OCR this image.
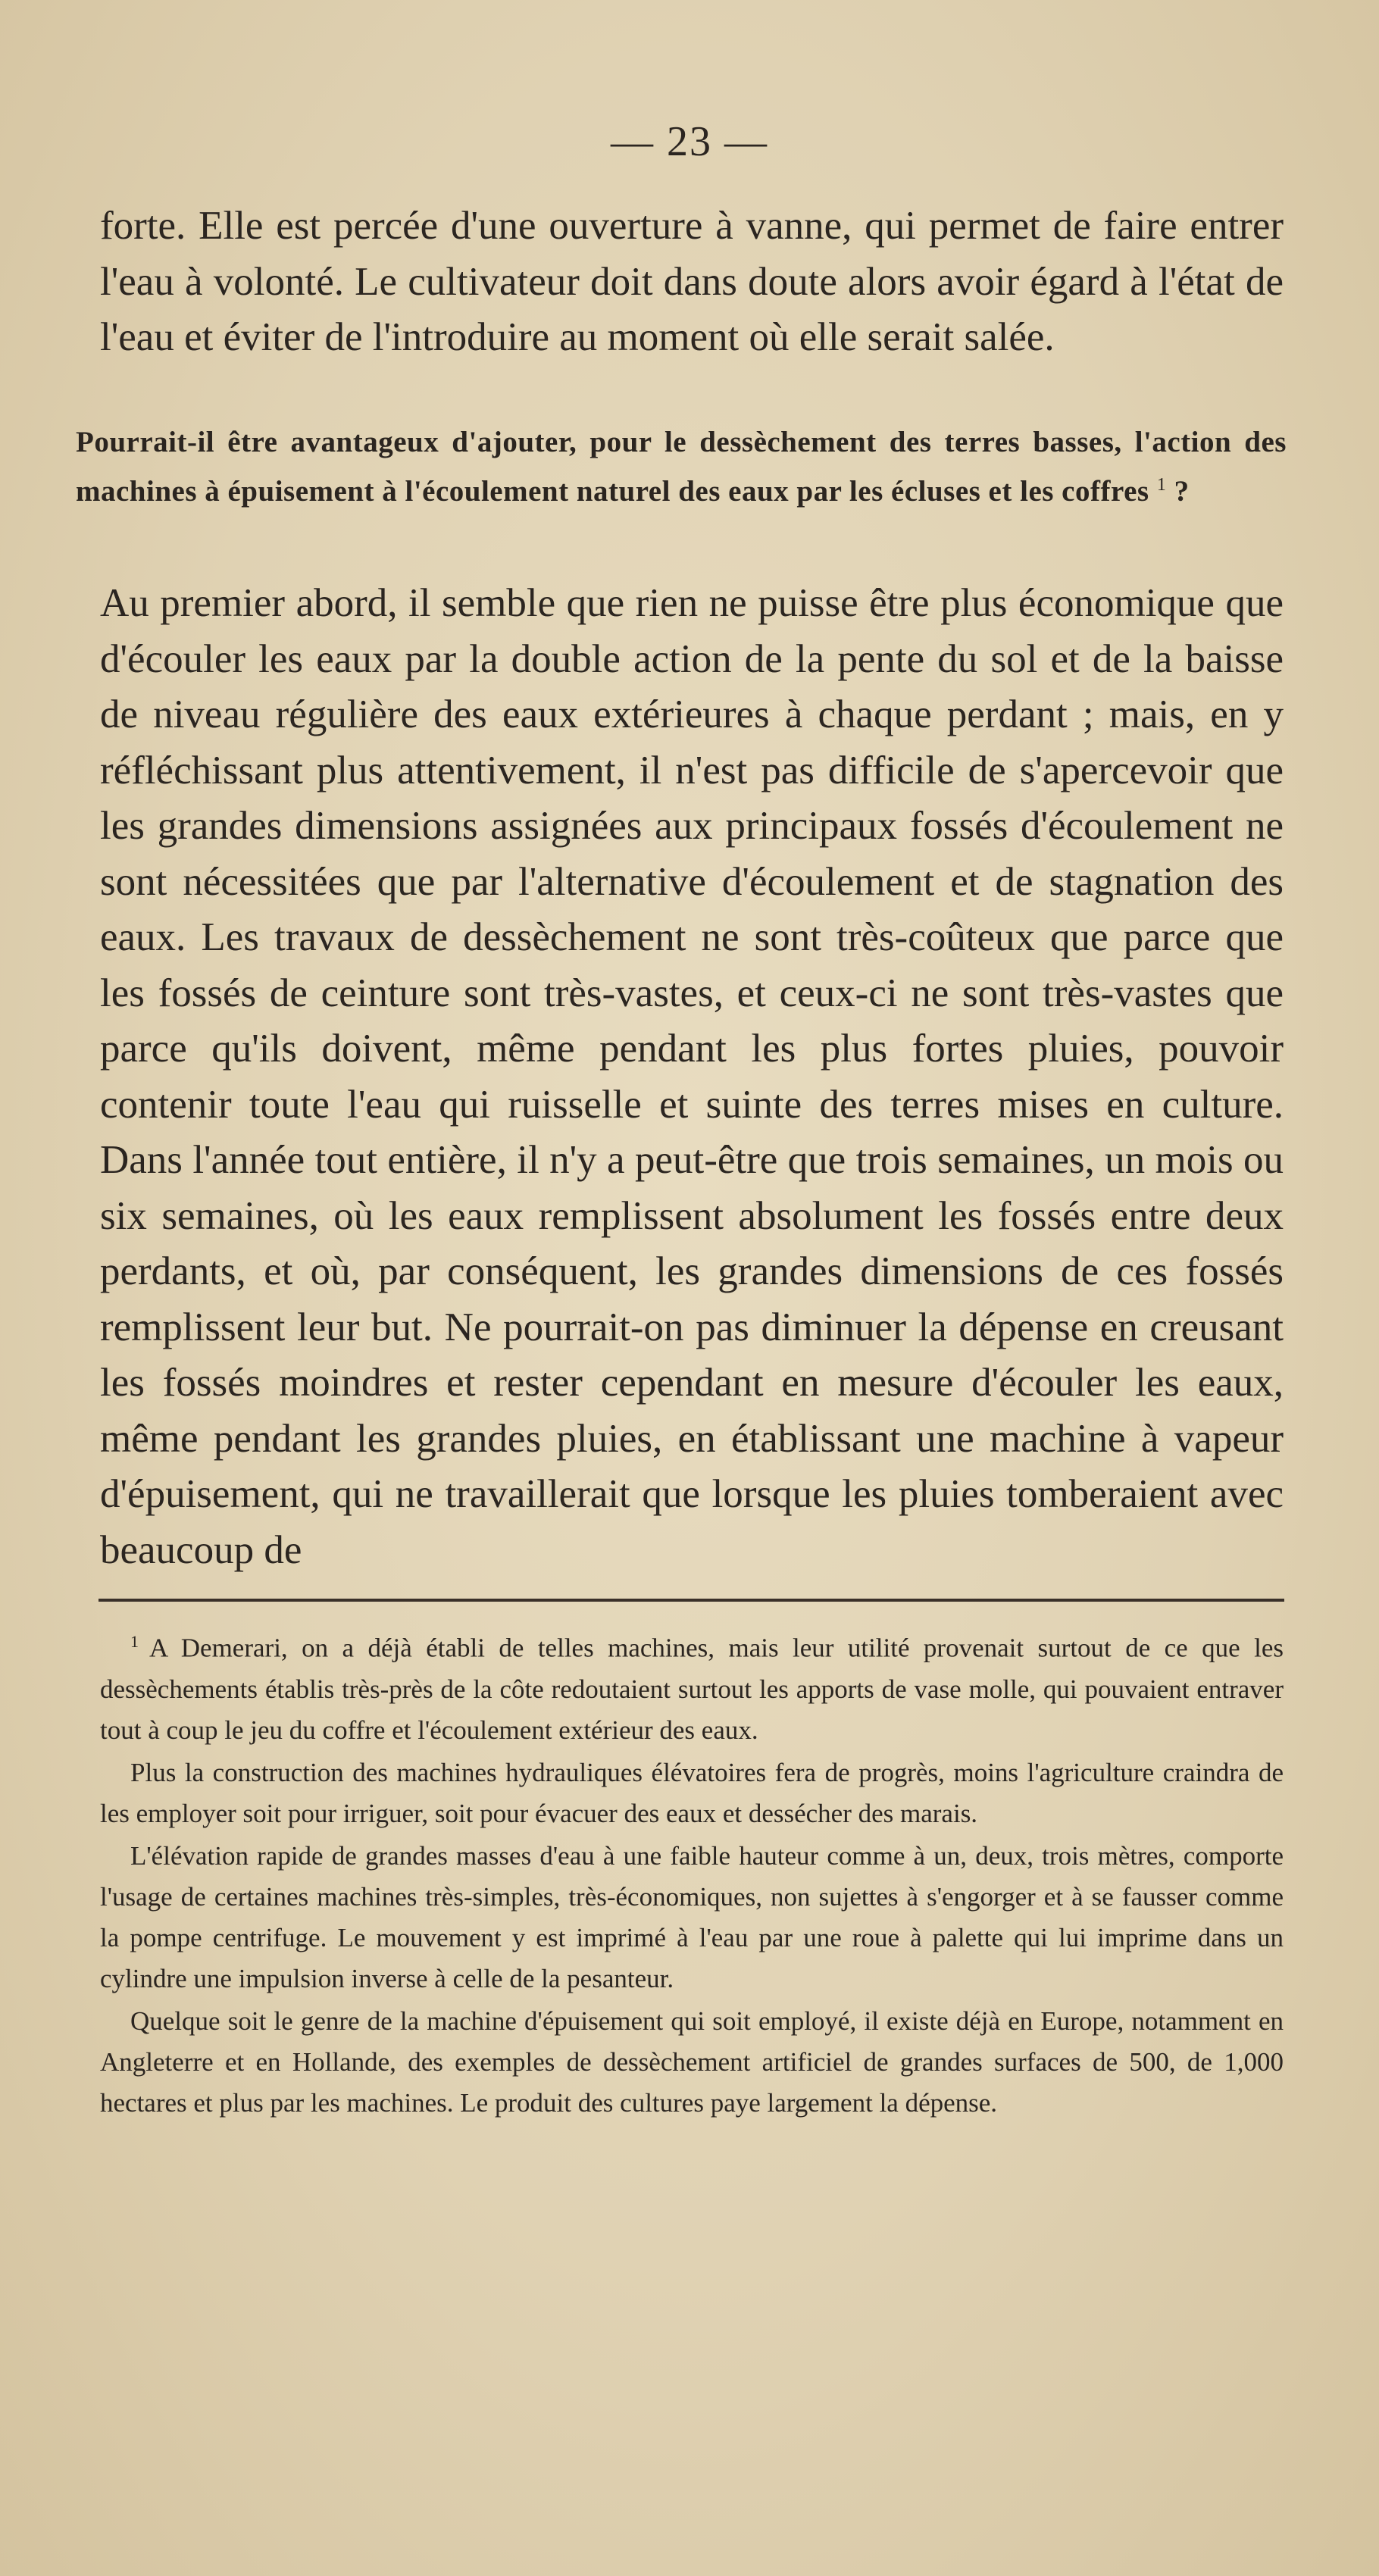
— 23 —

forte. Elle est percée d'une ouverture à vanne, qui permet de faire entrer l'eau à volonté. Le cultivateur doit dans doute alors avoir égard à l'état de l'eau et éviter de l'introduire au moment où elle serait salée.

Pourrait-il être avantageux d'ajouter, pour le dessèchement des terres basses, l'action des machines à épuisement à l'écoulement naturel des eaux par les écluses et les coffres $^1$ ?

Au premier abord, il semble que rien ne puisse être plus économique que d'écouler les eaux par la double action de la pente du sol et de la baisse de niveau régulière des eaux extérieures à chaque perdant ; mais, en y réfléchissant plus attentivement, il n'est pas difficile de s'apercevoir que les grandes dimensions assignées aux principaux fossés d'écoulement ne sont nécessitées que par l'alternative d'écoulement et de stagnation des eaux. Les travaux de dessèchement ne sont très-coûteux que parce que les fossés de ceinture sont très-vastes, et ceux-ci ne sont très-vastes que parce qu'ils doivent, même pendant les plus fortes pluies, pouvoir contenir toute l'eau qui ruisselle et suinte des terres mises en culture. Dans l'année tout entière, il n'y a peut-être que trois semaines, un mois ou six semaines, où les eaux remplissent absolument les fossés entre deux perdants, et où, par conséquent, les grandes dimensions de ces fossés remplissent leur but. Ne pourrait-on pas diminuer la dépense en creusant les fossés moindres et rester cependant en mesure d'écouler les eaux, même pendant les grandes pluies, en établissant une machine à vapeur d'épuisement, qui ne travaillerait que lorsque les pluies tomberaient avec beaucoup de

$^1$ A Demerari, on a déjà établi de telles machines, mais leur utilité provenait surtout de ce que les dessèchements établis très-près de la côte redoutaient surtout les apports de vase molle, qui pouvaient entraver tout à coup le jeu du coffre et l'écoulement extérieur des eaux.

Plus la construction des machines hydrauliques élévatoires fera de progrès, moins l'agriculture craindra de les employer soit pour irriguer, soit pour évacuer des eaux et dessécher des marais.

L'élévation rapide de grandes masses d'eau à une faible hauteur comme à un, deux, trois mètres, comporte l'usage de certaines machines très-simples, très-économiques, non sujettes à s'engorger et à se fausser comme la pompe centrifuge. Le mouvement y est imprimé à l'eau par une roue à palette qui lui imprime dans un cylindre une impulsion inverse à celle de la pesanteur.

Quelque soit le genre de la machine d'épuisement qui soit employé, il existe déjà en Europe, notamment en Angleterre et en Hollande, des exemples de dessèchement artificiel de grandes surfaces de 500, de 1,000 hectares et plus par les machines. Le produit des cultures paye largement la dépense.
